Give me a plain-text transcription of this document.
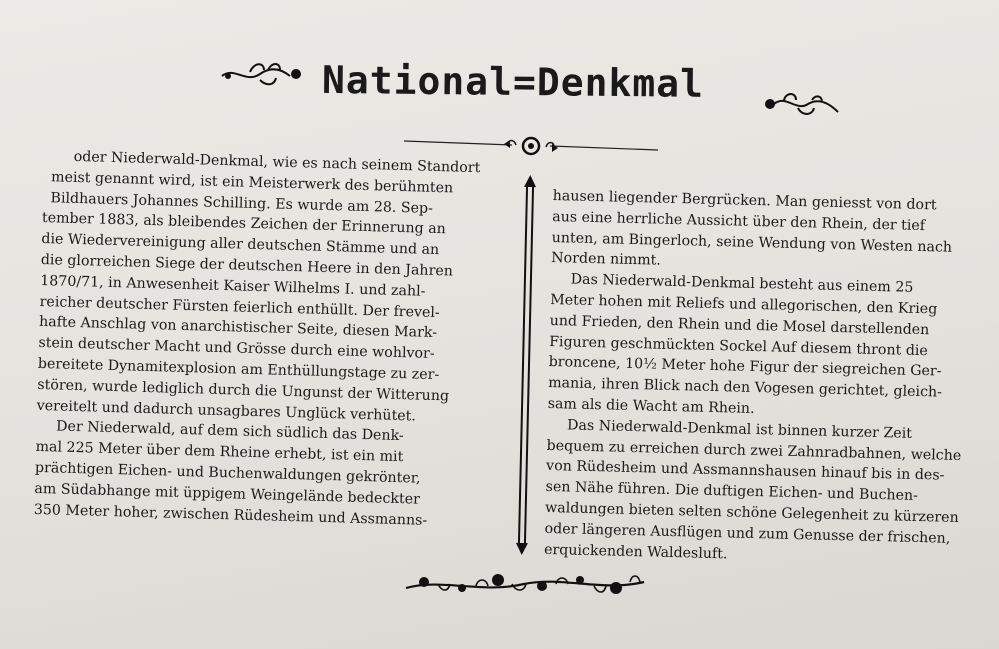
National=Denkmal
oder Niederwald-Denkmal, wie es nach seinem Standort
meist genannt wird, ist ein Meisterwerk des berühmten
Bildhauers Johannes Schilling. Es wurde am 28. Sep-
tember 1883, als bleibendes Zeichen der Erinnerung an
die Wiedervereinigung aller deutschen Stämme und an
die glorreichen Siege der deutschen Heere in den Jahren
1870/71, in Anwesenheit Kaiser Wilhelms I. und zahl-
reicher deutscher Fürsten feierlich enthüllt. Der frevel-
hafte Anschlag von anarchistischer Seite, diesen Mark-
stein deutscher Macht und Grösse durch eine wohlvor-
bereitete Dynamitexplosion am Enthüllungstage zu zer-
stören, wurde lediglich durch die Ungunst der Witterung
vereitelt und dadurch unsagbares Unglück verhütet.
Der Niederwald, auf dem sich südlich das Denk-
mal 225 Meter über dem Rheine erhebt, ist ein mit
prächtigen Eichen- und Buchenwaldungen gekrönter,
am Südabhange mit üppigem Weingelände bedeckter
350 Meter hoher, zwischen Rüdesheim und Assmanns-
hausen liegender Bergrücken. Man geniesst von dort
aus eine herrliche Aussicht über den Rhein, der tief
unten, am Bingerloch, seine Wendung von Westen nach
Norden nimmt.
Das Niederwald-Denkmal besteht aus einem 25
Meter hohen mit Reliefs und allegorischen, den Krieg
und Frieden, den Rhein und die Mosel darstellenden
Figuren geschmückten Sockel Auf diesem thront die
broncene, 10½ Meter hohe Figur der siegreichen Ger-
mania, ihren Blick nach den Vogesen gerichtet, gleich-
sam als die Wacht am Rhein.
Das Niederwald-Denkmal ist binnen kurzer Zeit
bequem zu erreichen durch zwei Zahnradbahnen, welche
von Rüdesheim und Assmannshausen hinauf bis in des-
sen Nähe führen. Die duftigen Eichen- und Buchen-
waldungen bieten selten schöne Gelegenheit zu kürzeren
oder längeren Ausflügen und zum Genusse der frischen,
erquickenden Waldesluft.
